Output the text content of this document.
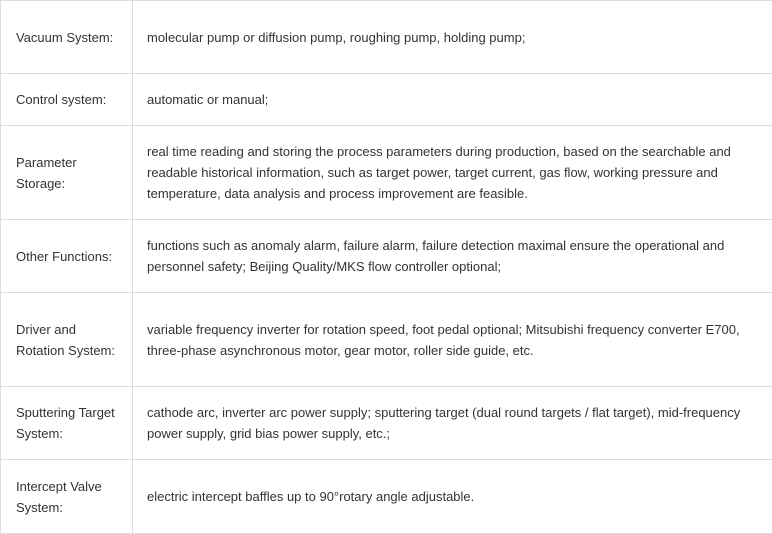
Vacuum System:	molecular pump or diffusion pump, roughing pump, holding pump;
Control system:	automatic or manual;
Parameter Storage:	real time reading and storing the process parameters during production, based on the searchable and readable historical information, such as target power, target current, gas flow, working pressure and temperature, data analysis and process improvement are feasible.
Other Functions:	functions such as anomaly alarm, failure alarm, failure detection maximal ensure the operational and personnel safety; Beijing Quality/MKS flow controller optional;
Driver and Rotation System:	variable frequency inverter for rotation speed, foot pedal optional; Mitsubishi frequency converter E700, three-phase asynchronous motor, gear motor, roller side guide, etc.
Sputtering Target System:	cathode arc, inverter arc power supply; sputtering target (dual round targets / flat target), mid-frequency power supply, grid bias power supply, etc.;
Intercept Valve System:	electric intercept baffles up to 90°rotary angle adjustable.
